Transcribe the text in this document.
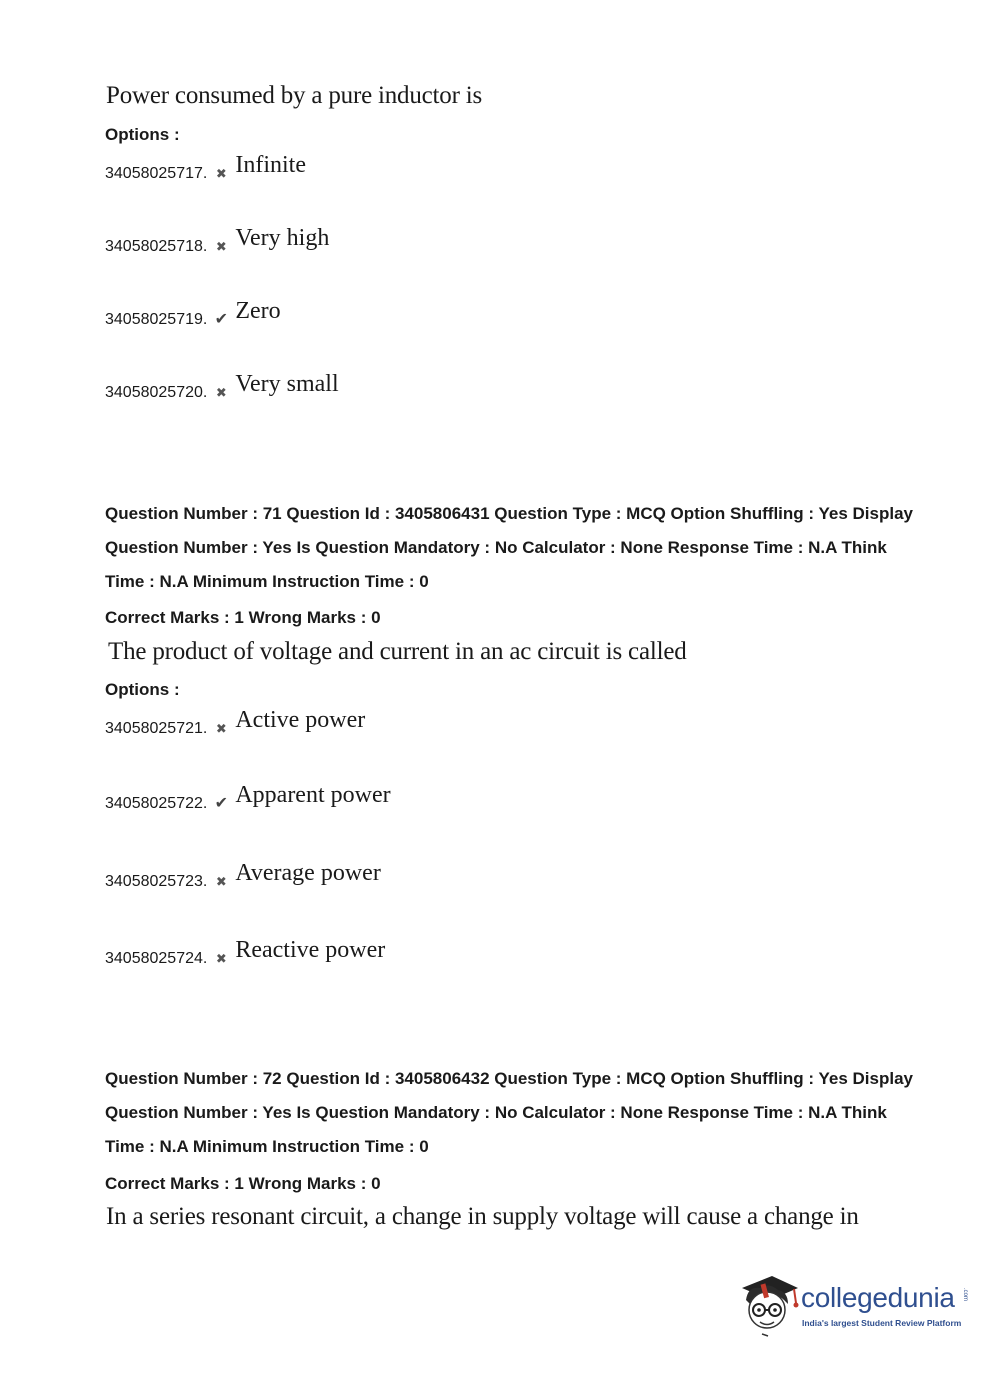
Power consumed by a pure inductor is
Options :
34058025717. ✖ Infinite
34058025718. ✖ Very high
34058025719. ✔ Zero
34058025720. ✖ Very small
Question Number : 71 Question Id : 3405806431 Question Type : MCQ Option Shuffling : Yes Display Question Number : Yes Is Question Mandatory : No Calculator : None Response Time : N.A Think Time : N.A Minimum Instruction Time : 0
Correct Marks : 1 Wrong Marks : 0
The product of voltage and current in an ac circuit is called
Options :
34058025721. ✖ Active power
34058025722. ✔ Apparent power
34058025723. ✖ Average power
34058025724. ✖ Reactive power
Question Number : 72 Question Id : 3405806432 Question Type : MCQ Option Shuffling : Yes Display Question Number : Yes Is Question Mandatory : No Calculator : None Response Time : N.A Think Time : N.A Minimum Instruction Time : 0
Correct Marks : 1 Wrong Marks : 0
In a series resonant circuit, a change in supply voltage will cause a change in
collegedunia .com
India's largest Student Review Platform
